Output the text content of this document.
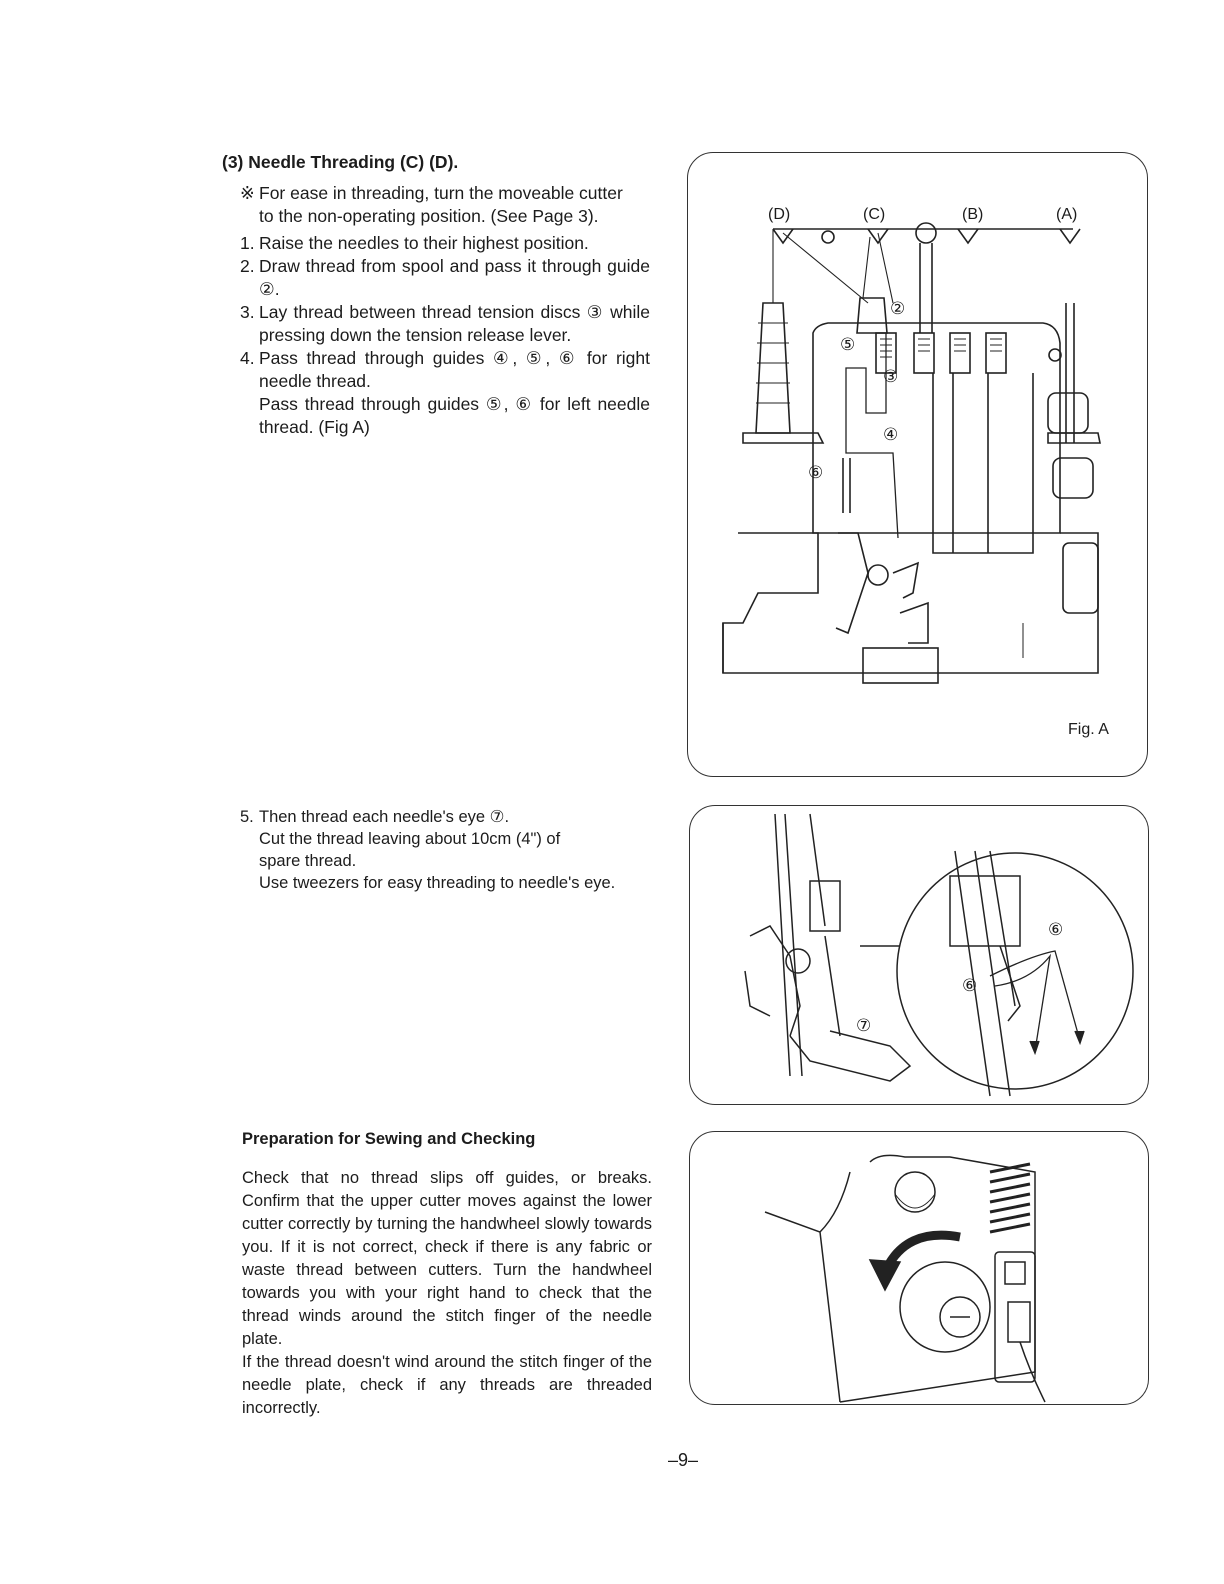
(3) Needle Threading (C) (D).
※ For ease in threading, turn the moveable cutter
to the non-operating position. (See Page 3).
1. Raise the needles to their highest position.
2. Draw thread from spool and pass it through guide ②.
3. Lay thread between thread tension discs ③ while pressing down the tension release lever.
4. Pass thread through guides ④, ⑤, ⑥ for right needle thread.
Pass thread through guides ⑤, ⑥ for left needle thread. (Fig A)
(D)	(C)	(B)	(A)
②
③
④
⑤
⑥
Fig. A
5. Then thread each needle's eye ⑦.
Cut the thread leaving about 10cm (4") of
spare thread.
Use tweezers for easy threading to needle's eye.
⑥
⑥
⑦
Preparation for Sewing and Checking
Check that no thread slips off guides, or breaks. Confirm that the upper cutter moves against the lower cutter correctly by turning the handwheel slowly towards you. If it is not correct, check if there is any fabric or waste thread between cutters. Turn the handwheel towards you with your right hand to check that the thread winds around the stitch finger of the needle plate.
If the thread doesn't wind around the stitch finger of the needle plate, check if any threads are threaded incorrectly.
–9–
